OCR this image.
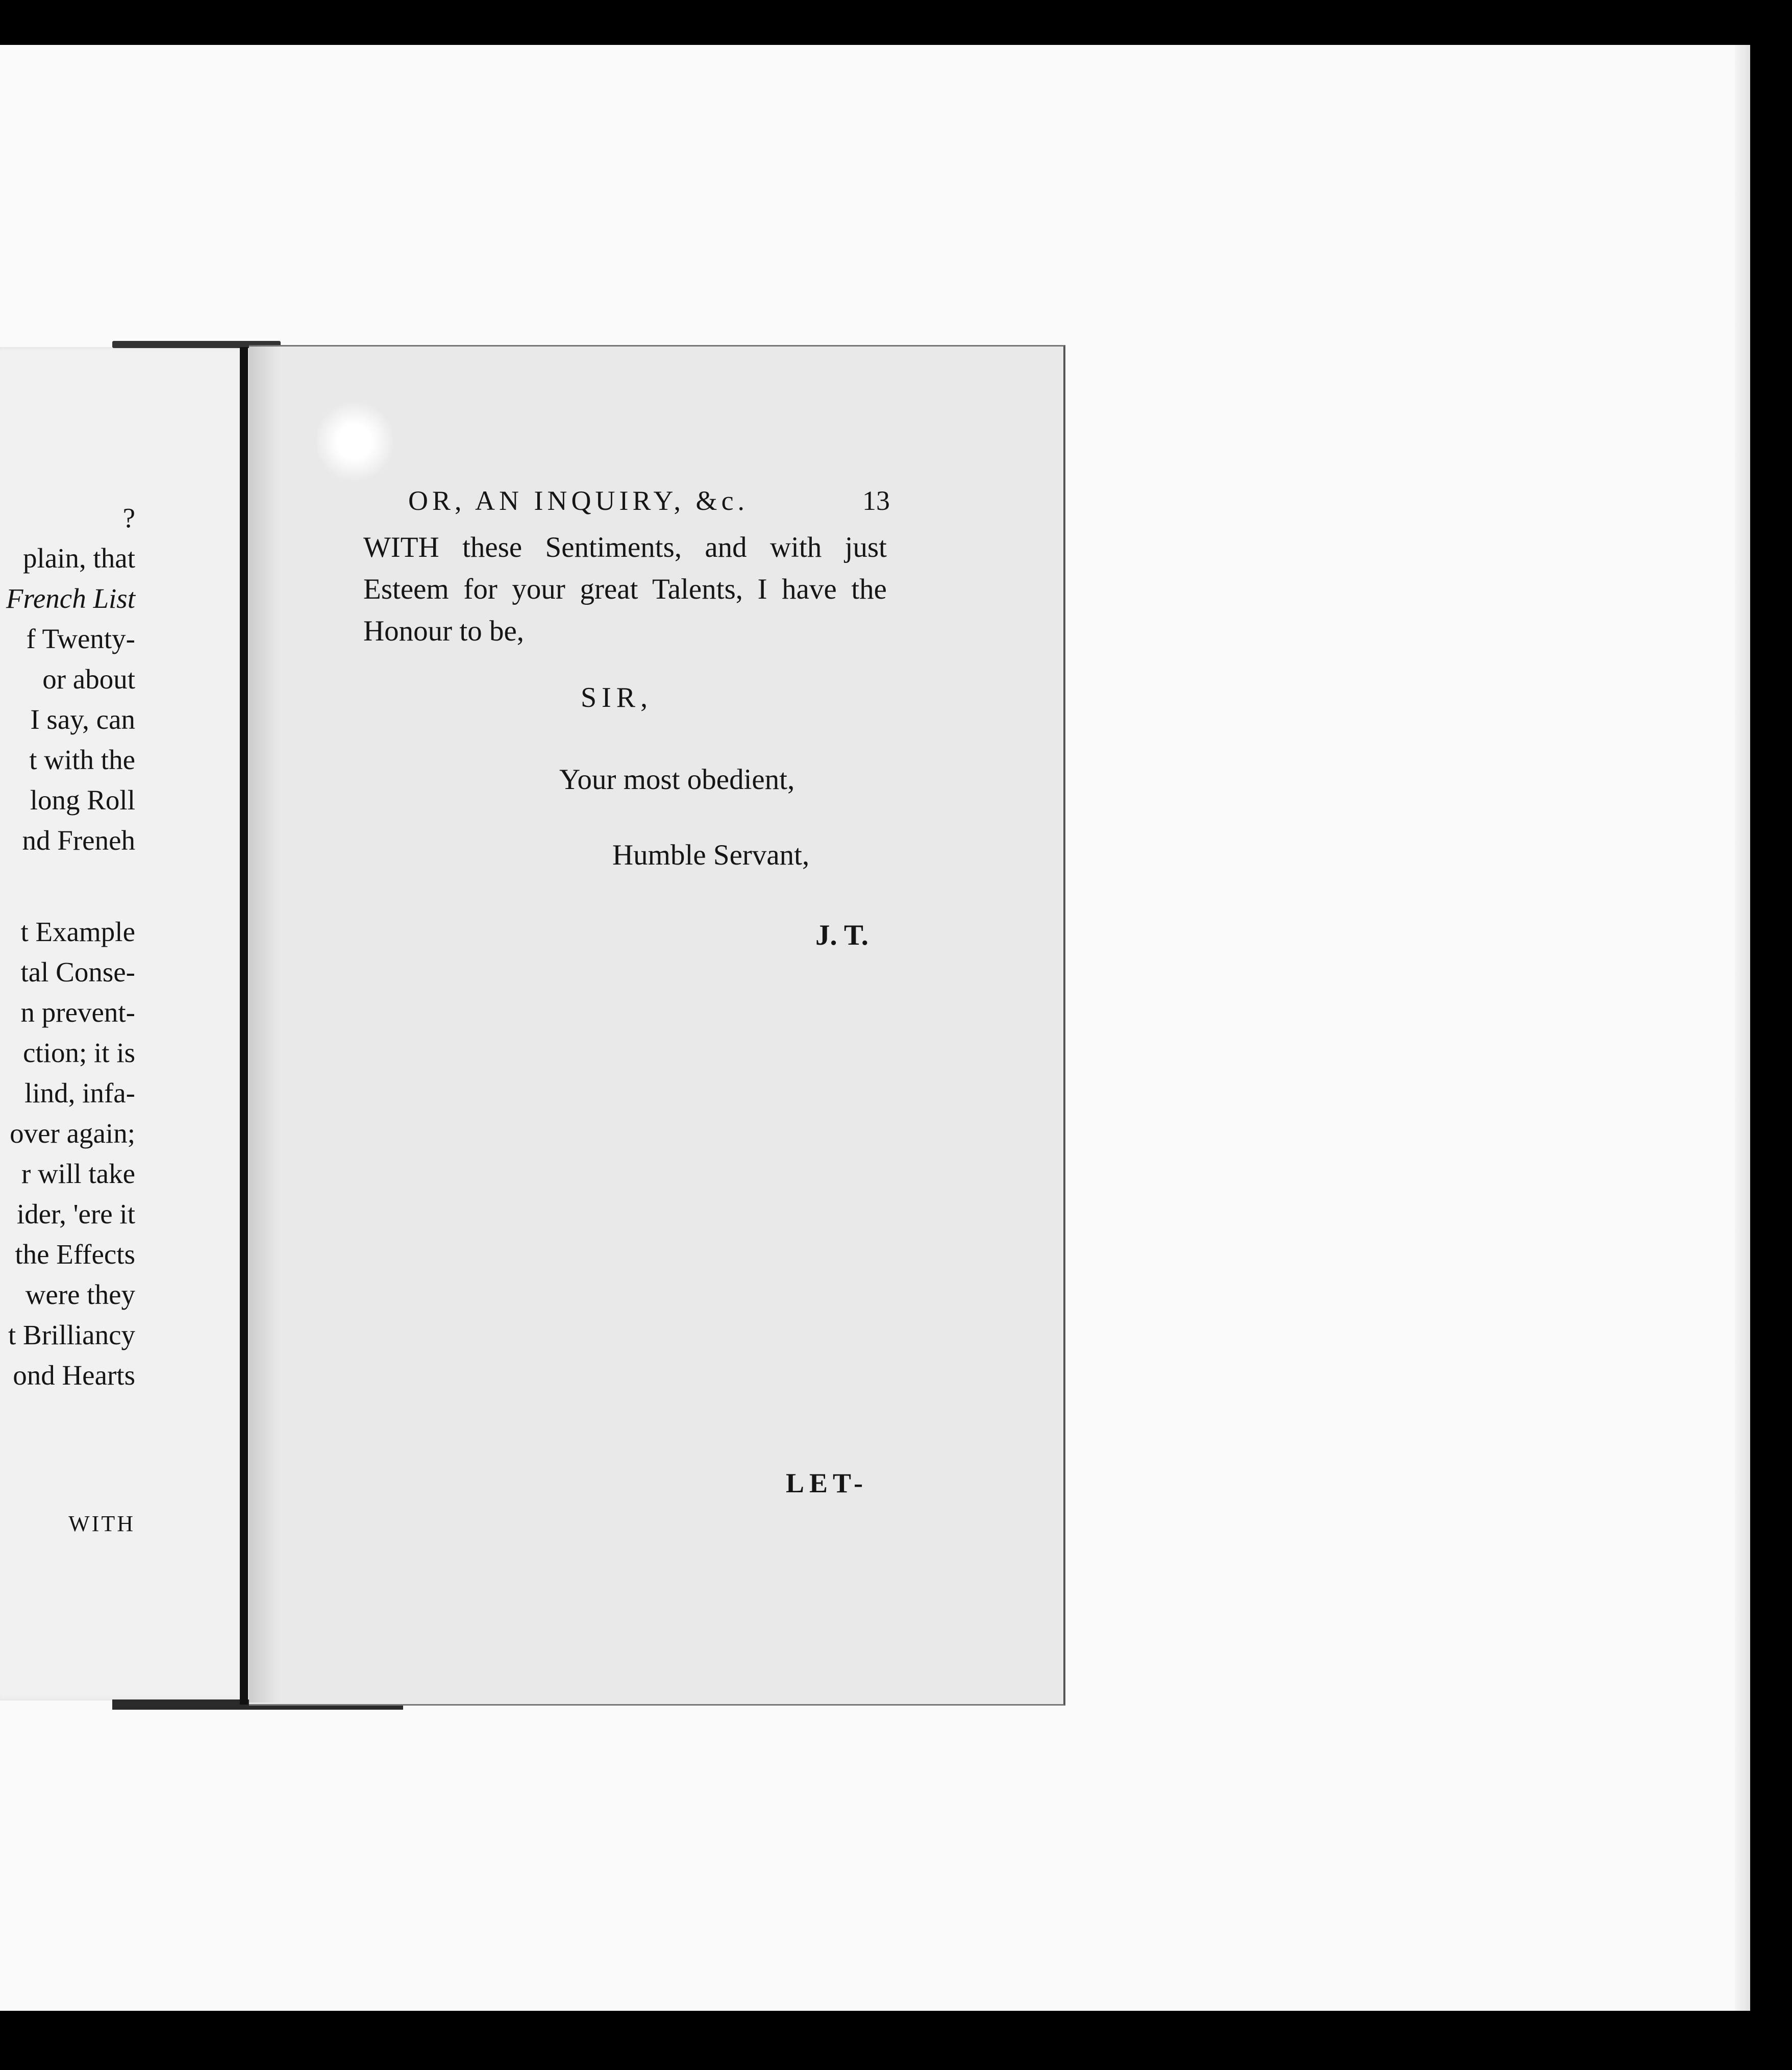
?
plain, that
French List
f Twenty-
or about
I say, can
t with the
long Roll
nd Freneh
t Example
tal Conse-
n prevent-
ction; it is
lind, infa-
over again;
r will take
ider, 'ere it
the Effects
were they
t Brilliancy
ond Hearts
WITH
OR, AN INQUIRY, &c.	13
WITH these Sentiments, and with just
Esteem for your great Talents, I have the
Honour to be,
SIR,
Your most obedient,
Humble Servant,
J. T.
LET-
